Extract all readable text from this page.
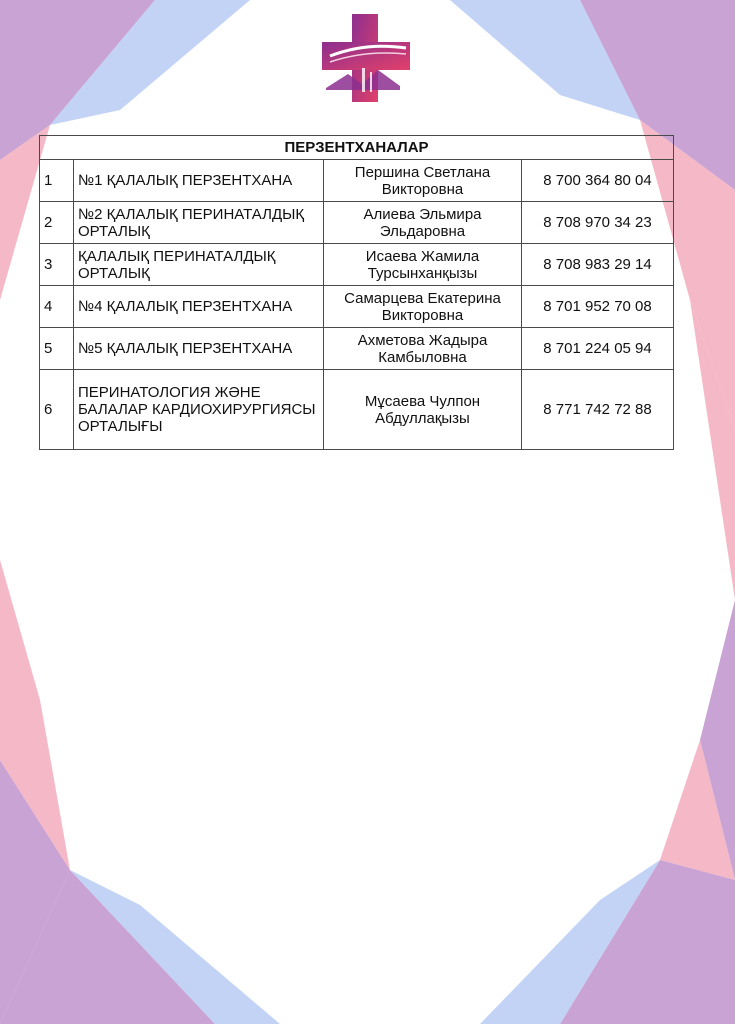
ПЕРЗЕНТХАНАЛАР			
1	№1 ҚАЛАЛЫҚ ПЕРЗЕНТХАНА	Першина Светлана Викторовна	8 700 364 80 04
2	№2 ҚАЛАЛЫҚ ПЕРИНАТАЛДЫҚ ОРТАЛЫҚ	Алиева Эльмира Эльдаровна	8 708 970 34 23
3	ҚАЛАЛЫҚ ПЕРИНАТАЛДЫҚ ОРТАЛЫҚ	Исаева Жамила Турсынханқызы	8 708 983 29 14
4	№4 ҚАЛАЛЫҚ ПЕРЗЕНТХАНА	Самарцева Екатерина Викторовна	8 701 952 70 08
5	№5 ҚАЛАЛЫҚ ПЕРЗЕНТХАНА	Ахметова Жадыра Камбыловна	8 701 224 05 94
6	ПЕРИНАТОЛОГИЯ ЖӘНЕ БАЛАЛАР КАРДИОХИРУРГИЯСЫ ОРТАЛЫҒЫ	Мұсаева Чулпон Абдуллақызы	8 771 742 72 88
